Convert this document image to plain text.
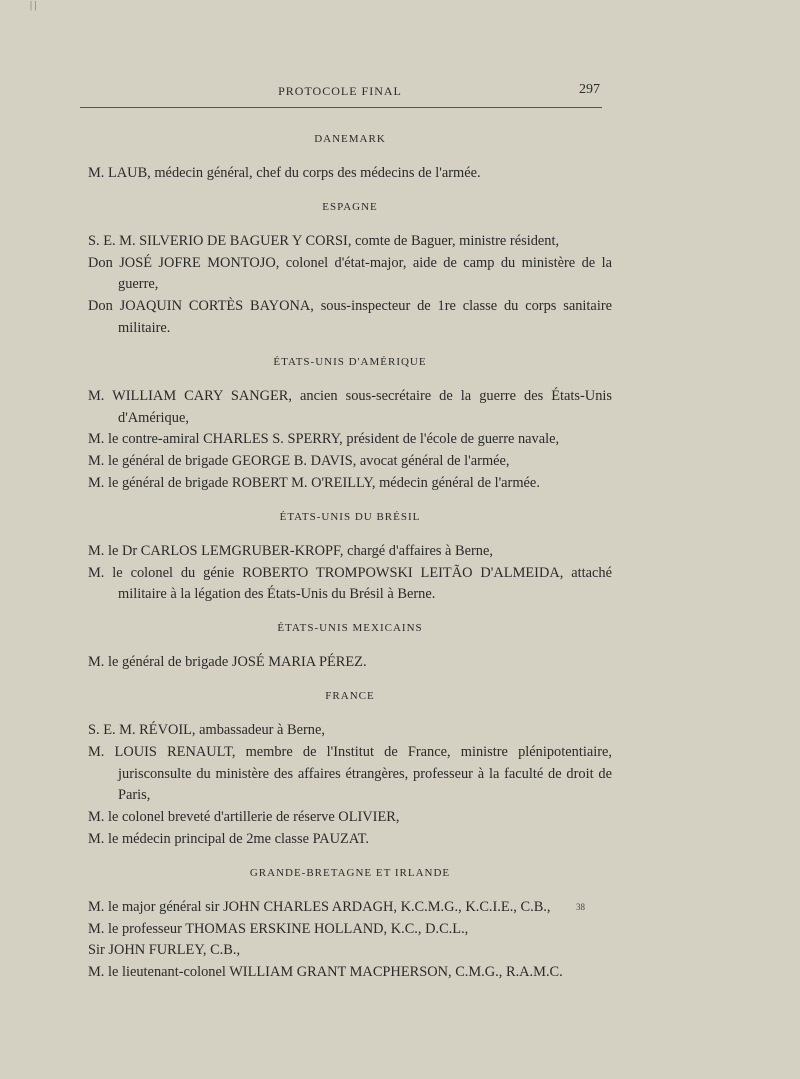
| |
PROTOCOLE FINAL	297
DANEMARK
M. LAUB, médecin général, chef du corps des médecins de l'armée.
ESPAGNE
S. E. M. SILVERIO DE BAGUER Y CORSI, comte de Baguer, ministre résident,
Don JOSÉ JOFRE MONTOJO, colonel d'état-major, aide de camp du ministère de la guerre,
Don JOAQUIN CORTÈS BAYONA, sous-inspecteur de 1re classe du corps sanitaire militaire.
ÉTATS-UNIS D'AMÉRIQUE
M. WILLIAM CARY SANGER, ancien sous-secrétaire de la guerre des États-Unis d'Amérique,
M. le contre-amiral CHARLES S. SPERRY, président de l'école de guerre navale,
M. le général de brigade GEORGE B. DAVIS, avocat général de l'armée,
M. le général de brigade ROBERT M. O'REILLY, médecin général de l'armée.
ÉTATS-UNIS DU BRÉSIL
M. le Dr CARLOS LEMGRUBER-KROPF, chargé d'affaires à Berne,
M. le colonel du génie ROBERTO TROMPOWSKI LEITÃO D'ALMEIDA, attaché militaire à la légation des États-Unis du Brésil à Berne.
ÉTATS-UNIS MEXICAINS
M. le général de brigade JOSÉ MARIA PÉREZ.
FRANCE
S. E. M. RÉVOIL, ambassadeur à Berne,
M. LOUIS RENAULT, membre de l'Institut de France, ministre plénipotentiaire, jurisconsulte du ministère des affaires étrangères, professeur à la faculté de droit de Paris,
M. le colonel breveté d'artillerie de réserve OLIVIER,
M. le médecin principal de 2me classe PAUZAT.
GRANDE-BRETAGNE ET IRLANDE
M. le major général sir JOHN CHARLES ARDAGH, K.C.M.G., K.C.I.E., C.B.,
M. le professeur THOMAS ERSKINE HOLLAND, K.C., D.C.L.,
Sir JOHN FURLEY, C.B.,
M. le lieutenant-colonel WILLIAM GRANT MACPHERSON, C.M.G., R.A.M.C.
38
